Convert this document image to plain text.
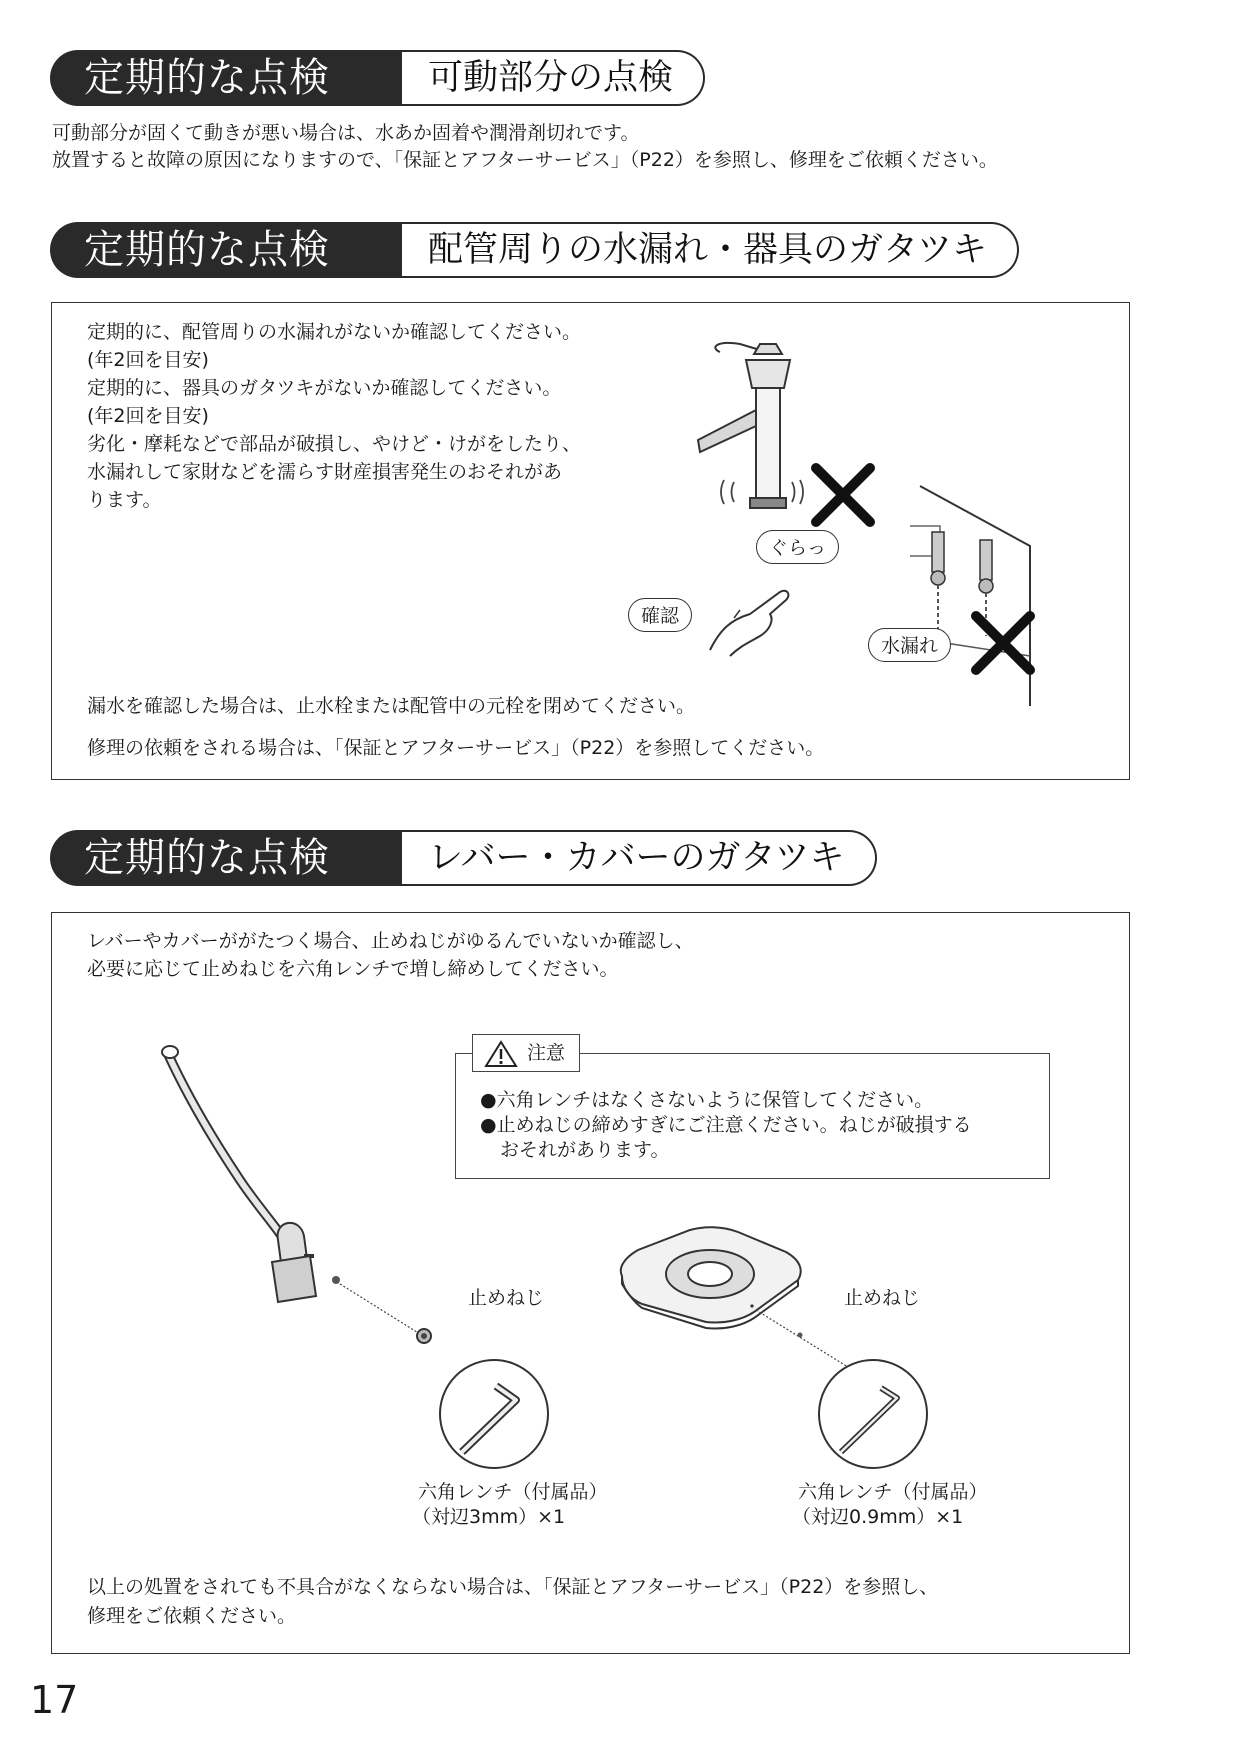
定期的な点検	可動部分の点検
可動部分が固くて動きが悪い場合は、水あか固着や潤滑剤切れです。
放置すると故障の原因になりますので、「保証とアフターサービス」（P22）を参照し、修理をご依頼ください。
定期的な点検	配管周りの水漏れ・器具のガタツキ
定期的に、配管周りの水漏れがないか確認してください。
(年2回を目安)
定期的に、器具のガタツキがないか確認してください。
(年2回を目安)
劣化・摩耗などで部品が破損し、やけど・けがをしたり、
水漏れして家財などを濡らす財産損害発生のおそれがあ
ります。
ぐらっ
確認
水漏れ
漏水を確認した場合は、止水栓または配管中の元栓を閉めてください。
修理の依頼をされる場合は、「保証とアフターサービス」（P22）を参照してください。
定期的な点検	レバー・カバーのガタツキ
レバーやカバーががたつく場合、止めねじがゆるんでいないか確認し、
必要に応じて止めねじを六角レンチで増し締めしてください。
注意
●六角レンチはなくさないように保管してください。
●止めねじの締めすぎにご注意ください。ねじが破損する
おそれがあります。
止めねじ
六角レンチ（付属品）
（対辺3mm）×1
止めねじ
六角レンチ（付属品）
（対辺0.9mm）×1
以上の処置をされても不具合がなくならない場合は、「保証とアフターサービス」（P22）を参照し、
修理をご依頼ください。
17
